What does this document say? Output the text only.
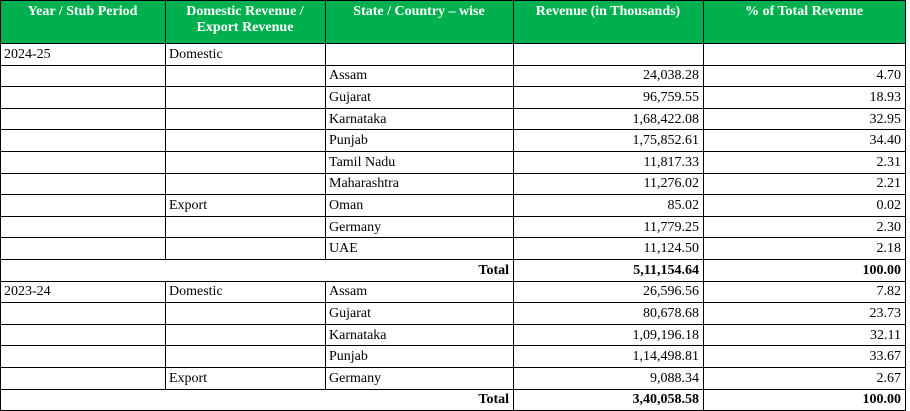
Year / Stub Period	Domestic Revenue / Export Revenue	State / Country – wise	Revenue (in Thousands)	% of Total Revenue
2024-25	Domestic			
		Assam	24,038.28	4.70
		Gujarat	96,759.55	18.93
		Karnataka	1,68,422.08	32.95
		Punjab	1,75,852.61	34.40
		Tamil Nadu	11,817.33	2.31
		Maharashtra	11,276.02	2.21
	Export	Oman	85.02	0.02
		Germany	11,779.25	2.30
		UAE	11,124.50	2.18
Total			5,11,154.64	100.00
2023-24	Domestic	Assam	26,596.56	7.82
		Gujarat	80,678.68	23.73
		Karnataka	1,09,196.18	32.11
		Punjab	1,14,498.81	33.67
	Export	Germany	9,088.34	2.67
Total			3,40,058.58	100.00
